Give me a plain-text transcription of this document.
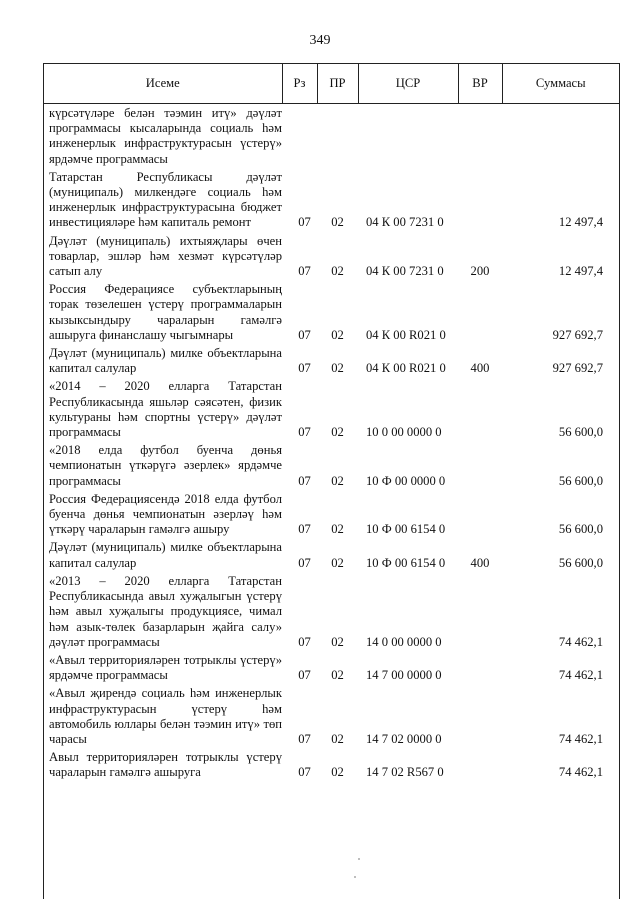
349
Исеме	Рз	ПР	ЦСР	ВР	Суммасы
күрсәтүләре белән тәэмин итү» дәүләт программасы кысаларында социаль һәм инженерлык инфраструктурасын үстерү» ярдәмче программасы					
Татарстан Республикасы дәүләт (муниципаль) милкендәге социаль һәм инженерлык инфраструктурасына бюджет инвестицияләре һәм капиталь ремонт	07	02	04 К 00 7231 0		12 497,4
Дәүләт (муниципаль) ихтыяҗлары өчен товарлар, эшләр һәм хезмәт күрсәтүләр сатып алу	07	02	04 К 00 7231 0	200	12 497,4
Россия Федерациясе субъектларының торак төзелешен үстерү программаларын кызыксындыру чараларын гамәлгә ашыруга финанслашу чыгымнары	07	02	04 К 00 R021 0		927 692,7
Дәүләт (муниципаль) милке объектларына капитал салулар	07	02	04 К 00 R021 0	400	927 692,7
«2014 – 2020 елларга Татарстан Республикасында яшьләр сәясәтен, физик культураны һәм спортны үстерү» дәүләт программасы	07	02	10 0 00 0000 0		56 600,0
«2018 елда футбол буенча дөнья чемпионатын үткәрүгә әзерлек» ярдәмче программасы	07	02	10 Ф 00 0000 0		56 600,0
Россия Федерациясендә 2018 елда футбол буенча дөнья чемпионатын әзерләү һәм үткәрү чараларын гамәлгә ашыру	07	02	10 Ф 00 6154 0		56 600,0
Дәүләт (муниципаль) милке объектларына капитал салулар	07	02	10 Ф 00 6154 0	400	56 600,0
«2013 – 2020 елларга Татарстан Республикасында авыл хуҗалыгын үстерү һәм авыл хуҗалыгы продукциясе, чимал һәм азык-төлек базарларын җайга салу» дәүләт программасы	07	02	14 0 00 0000 0		74 462,1
«Авыл территорияләрен тотрыклы үстерү» ярдәмче программасы	07	02	14 7 00 0000 0		74 462,1
«Авыл җирендә социаль һәм инженерлык инфраструктурасын үстерү һәм автомобиль юллары белән тәэмин итү» төп чарасы	07	02	14 7 02 0000 0		74 462,1
Авыл территорияләрен тотрыклы үстерү чараларын гамәлгә ашыруга	07	02	14 7 02 R567 0		74 462,1
